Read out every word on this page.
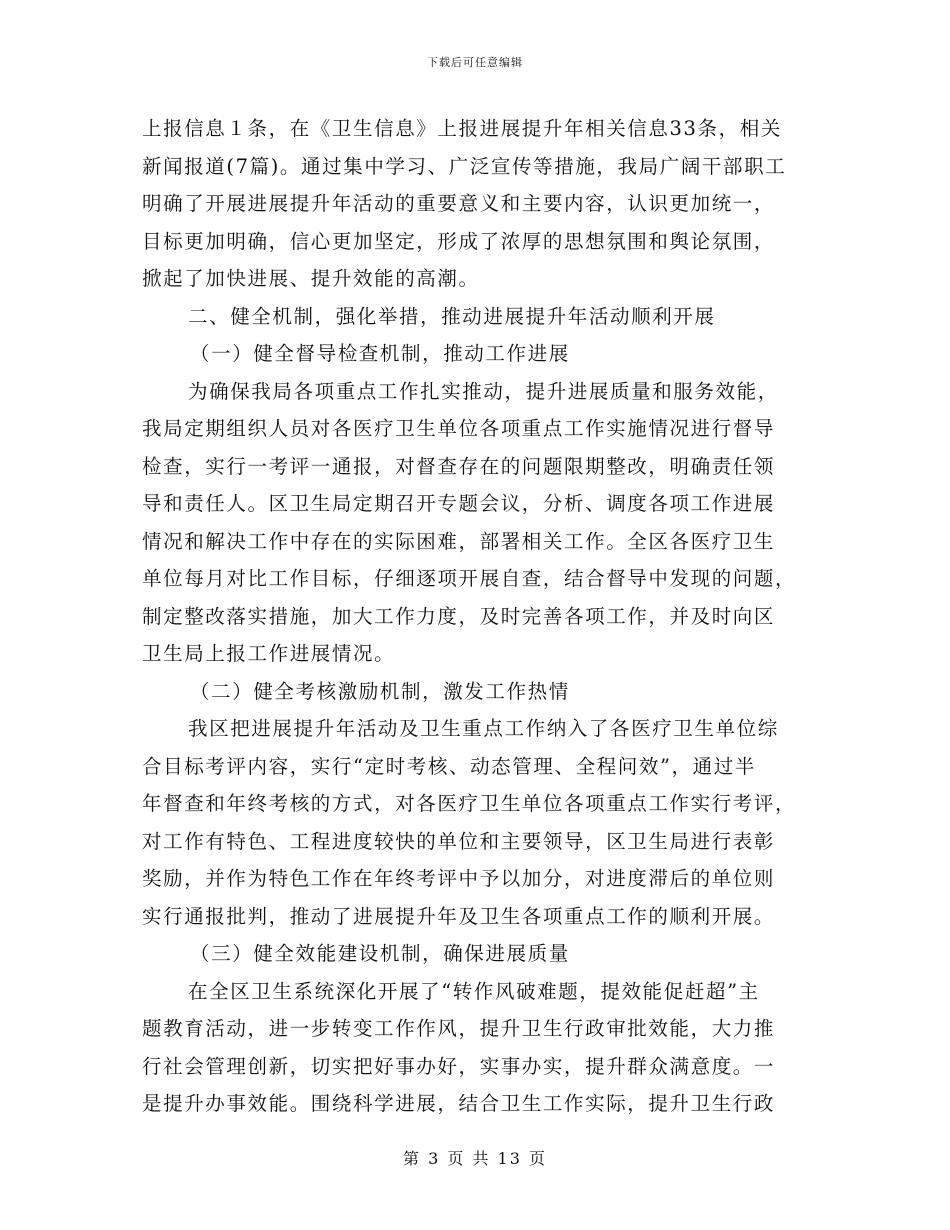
下载后可任意编辑
上报信息１条，在《卫生信息》上报进展提升年相关信息33条，相关
新闻报道(7篇)。通过集中学习、广泛宣传等措施，我局广阔干部职工
明确了开展进展提升年活动的重要意义和主要内容，认识更加统一，
目标更加明确，信心更加坚定，形成了浓厚的思想氛围和舆论氛围，
掀起了加快进展、提升效能的高潮。
二、健全机制，强化举措，推动进展提升年活动顺利开展
（一）健全督导检查机制，推动工作进展
为确保我局各项重点工作扎实推动，提升进展质量和服务效能，
我局定期组织人员对各医疗卫生单位各项重点工作实施情况进行督导
检查，实行一考评一通报，对督查存在的问题限期整改，明确责任领
导和责任人。区卫生局定期召开专题会议，分析、调度各项工作进展
情况和解决工作中存在的实际困难，部署相关工作。全区各医疗卫生
单位每月对比工作目标，仔细逐项开展自查，结合督导中发现的问题，
制定整改落实措施，加大工作力度，及时完善各项工作，并及时向区
卫生局上报工作进展情况。
（二）健全考核激励机制，激发工作热情
我区把进展提升年活动及卫生重点工作纳入了各医疗卫生单位综
合目标考评内容，实行“定时考核、动态管理、全程问效”，通过半
年督查和年终考核的方式，对各医疗卫生单位各项重点工作实行考评，
对工作有特色、工程进度较快的单位和主要领导，区卫生局进行表彰
奖励，并作为特色工作在年终考评中予以加分，对进度滞后的单位则
实行通报批判，推动了进展提升年及卫生各项重点工作的顺利开展。
（三）健全效能建设机制，确保进展质量
在全区卫生系统深化开展了“转作风破难题，提效能促赶超”主
题教育活动，进一步转变工作作风，提升卫生行政审批效能，大力推
行社会管理创新，切实把好事办好，实事办实，提升群众满意度。一
是提升办事效能。围绕科学进展，结合卫生工作实际，提升卫生行政
第 3 页 共 13 页
